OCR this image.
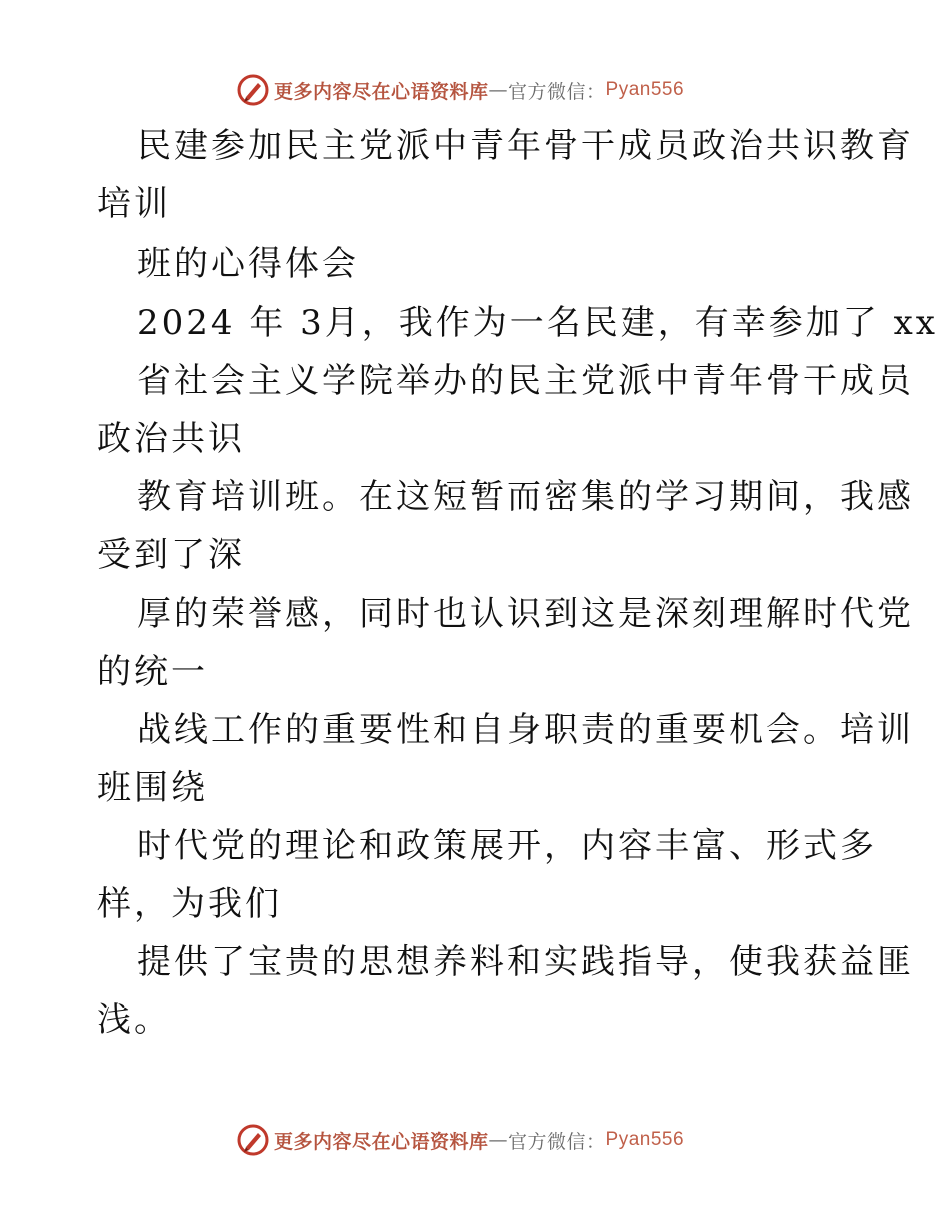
更多内容尽在心语资料库 — 官方微信： Pyan556
民建参加民主党派中青年骨干成员政治共识教育
培训
班的心得体会
2024 年 3月，我作为一名民建，有幸参加了 xx
省社会主义学院举办的民主党派中青年骨干成员
政治共识
教育培训班。在这短暂而密集的学习期间，我感
受到了深
厚的荣誉感，同时也认识到这是深刻理解时代党
的统一
战线工作的重要性和自身职责的重要机会。培训
班围绕
时代党的理论和政策展开，内容丰富、形式多
样，为我们
提供了宝贵的思想养料和实践指导，使我获益匪
浅。
更多内容尽在心语资料库 — 官方微信： Pyan556
